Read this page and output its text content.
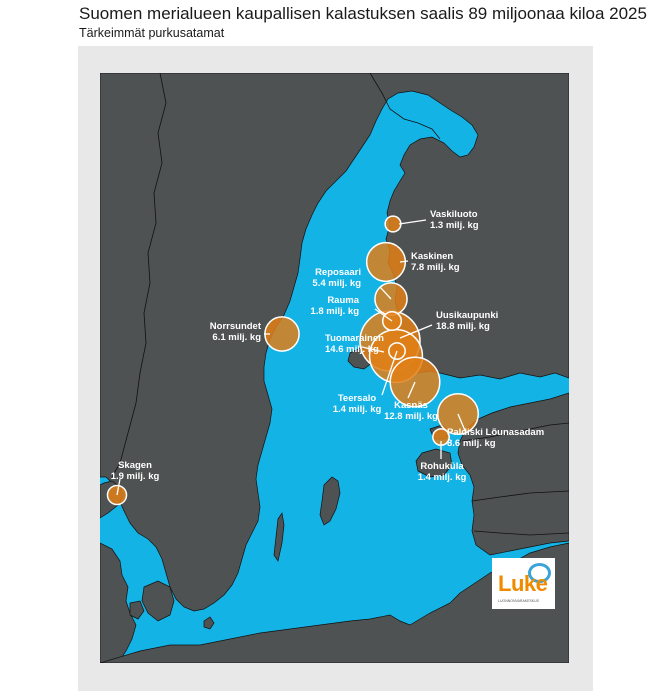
Suomen merialueen kaupallisen kalastuksen saalis 89 miljoonaa kiloa 2025
Tärkeimmät purkusatamat
Vaskiluoto 1.3 milj. kg
Kaskinen 7.8 milj. kg
Reposaari 5.4 milj. kg
Rauma 1.8 milj. kg	Uusikaupunki 18.8 milj. kg
Norrsundet 6.1 milj. kg	Tuomarainen 14.6 milj. kg
Teersalo 1.4 milj. kg	Kasnäs 12.8 milj. kg
Paldiski Lõunasadam 8.6 milj. kg
Rohuküla 1.4 milj. kg
Skagen 1.9 milj. kg
Luke
LUONNONVARAKESKUS
